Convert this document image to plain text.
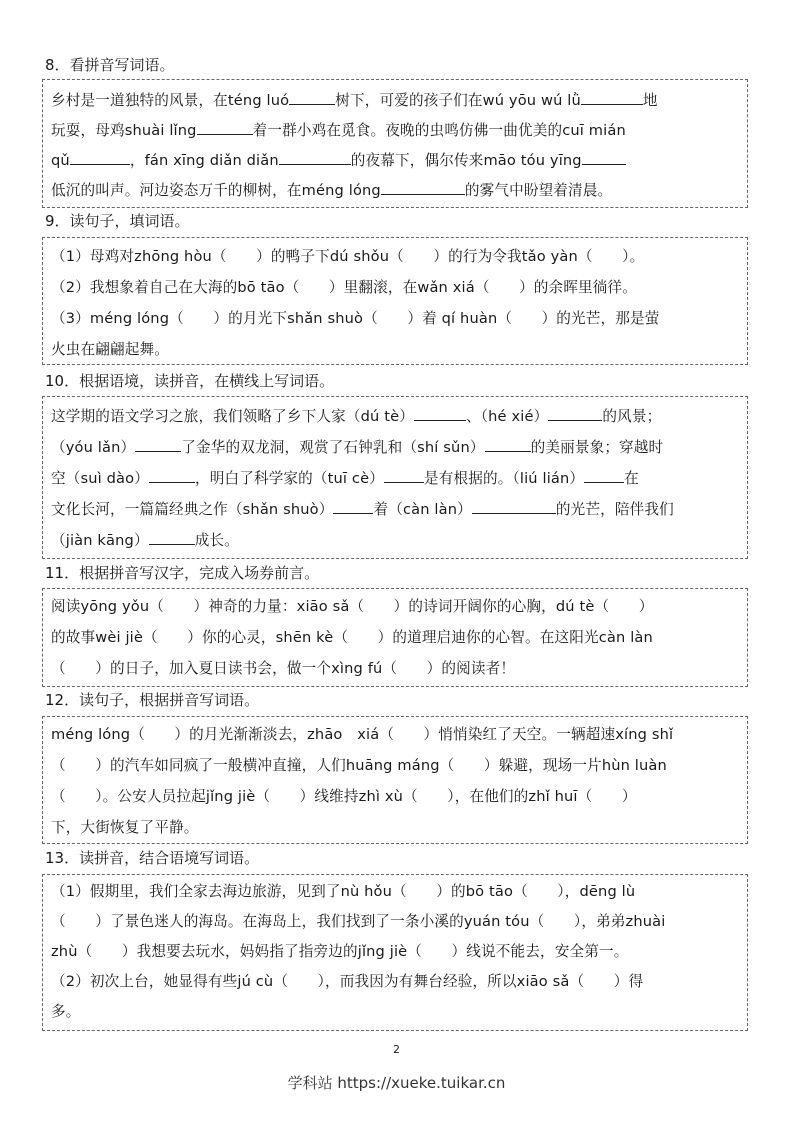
8．看拼音写词语。
乡村是一道独特的风景，在téng luó	树下，可爱的孩子们在wú yōu wú lǜ	地
玩耍，母鸡shuài lǐng	着一群小鸡在觅食。夜晚的虫鸣仿佛一曲优美的cuī mián
qǔ	，fán xīng diǎn diǎn	的夜幕下，偶尔传来māo tóu yīng
低沉的叫声。河边姿态万千的柳树，在méng lóng	的雾气中盼望着清晨。
9．读句子，填词语。
（1）母鸡对zhōng hòu（　　）的鸭子下dú shǒu（　　）的行为令我tǎo yàn（　　）。
（2）我想象着自己在大海的bō tāo（　　）里翻滚，在wǎn xiá（　　）的余晖里徜徉。
（3）méng lóng（　　）的月光下shǎn shuò（　　）着 qí huàn（　　）的光芒，那是萤
火虫在翩翩起舞。
10．根据语境，读拼音，在横线上写词语。
这学期的语文学习之旅，我们领略了乡下人家（dú tè）	、（hé xié）	的风景；
（yóu lǎn）	了金华的双龙洞，观赏了石钟乳和（shí sǔn）	的美丽景象；穿越时
空（suì dào）	，明白了科学家的（tuī cè）	是有根据的。（liú lián）	在
文化长河，一篇篇经典之作（shǎn shuò）	着（càn làn）	的光芒，陪伴我们
（jiàn kāng）	成长。
11．根据拼音写汉字，完成入场券前言。
阅读yōng yǒu（　　）神奇的力量：xiāo sǎ（　　）的诗词开阔你的心胸，dú tè（　　）
的故事wèi jiè（　　）你的心灵，shēn kè（　　）的道理启迪你的心智。在这阳光càn làn
（　　）的日子，加入夏日读书会，做一个xìng fú（　　）的阅读者！
12．读句子，根据拼音写词语。
méng lóng（　　）的月光渐渐淡去，zhāo　xiá（　　）悄悄染红了天空。一辆超速xíng shǐ
（　　）的汽车如同疯了一般横冲直撞，人们huāng máng（　　）躲避，现场一片hùn luàn
（　　）。公安人员拉起jǐng jiè（　　）线维持zhì xù（　　），在他们的zhǐ huī（　　）
下，大街恢复了平静。
13．读拼音，结合语境写词语。
（1）假期里，我们全家去海边旅游，见到了nù hǒu（　　）的bō tāo（　　），dēng lù
（　　）了景色迷人的海岛。在海岛上，我们找到了一条小溪的yuán tóu（　　），弟弟zhuài
zhù（　　）我想要去玩水，妈妈指了指旁边的jǐng jiè（　　）线说不能去，安全第一。
（2）初次上台，她显得有些jú cù（　　），而我因为有舞台经验，所以xiāo sǎ（　　）得
多。
2
学科站 https://xueke.tuikar.cn
